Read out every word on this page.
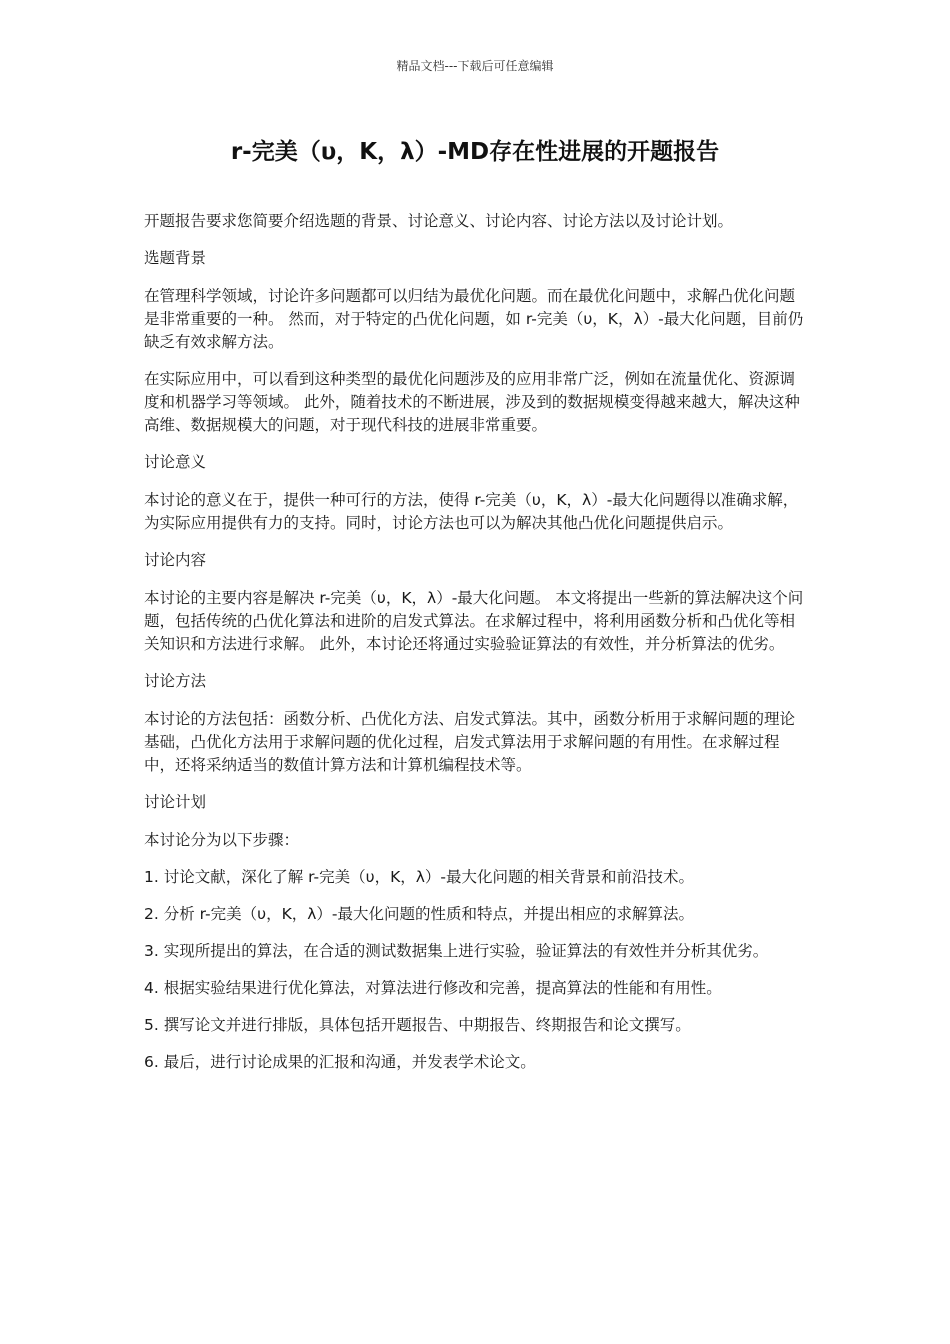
精品文档---下载后可任意编辑
r-完美（υ，K，λ）-MD存在性进展的开题报告

开题报告要求您简要介绍选题的背景、讨论意义、讨论内容、讨论方法以及讨论计划。

选题背景

在管理科学领域，讨论许多问题都可以归结为最优化问题。而在最优化问题中，求解凸优化问题是非常重要的一种。 然而，对于特定的凸优化问题，如 r-完美（υ，K，λ）-最大化问题，目前仍缺乏有效求解方法。

在实际应用中，可以看到这种类型的最优化问题涉及的应用非常广泛，例如在流量优化、资源调度和机器学习等领域。 此外，随着技术的不断进展，涉及到的数据规模变得越来越大，解决这种高维、数据规模大的问题，对于现代科技的进展非常重要。

讨论意义

本讨论的意义在于，提供一种可行的方法，使得 r-完美（υ，K，λ）-最大化问题得以准确求解，为实际应用提供有力的支持。同时，讨论方法也可以为解决其他凸优化问题提供启示。

讨论内容

本讨论的主要内容是解决 r-完美（υ，K，λ）-最大化问题。 本文将提出一些新的算法解决这个问题，包括传统的凸优化算法和进阶的启发式算法。在求解过程中，将利用函数分析和凸优化等相关知识和方法进行求解。 此外，本讨论还将通过实验验证算法的有效性，并分析算法的优劣。

讨论方法

本讨论的方法包括：函数分析、凸优化方法、启发式算法。其中，函数分析用于求解问题的理论基础，凸优化方法用于求解问题的优化过程，启发式算法用于求解问题的有用性。在求解过程中，还将采纳适当的数值计算方法和计算机编程技术等。

讨论计划

本讨论分为以下步骤：

1. 讨论文献，深化了解 r-完美（υ，K，λ）-最大化问题的相关背景和前沿技术。

2. 分析 r-完美（υ，K，λ）-最大化问题的性质和特点，并提出相应的求解算法。

3. 实现所提出的算法，在合适的测试数据集上进行实验，验证算法的有效性并分析其优劣。

4. 根据实验结果进行优化算法，对算法进行修改和完善，提高算法的性能和有用性。

5. 撰写论文并进行排版，具体包括开题报告、中期报告、终期报告和论文撰写。

6. 最后，进行讨论成果的汇报和沟通，并发表学术论文。
